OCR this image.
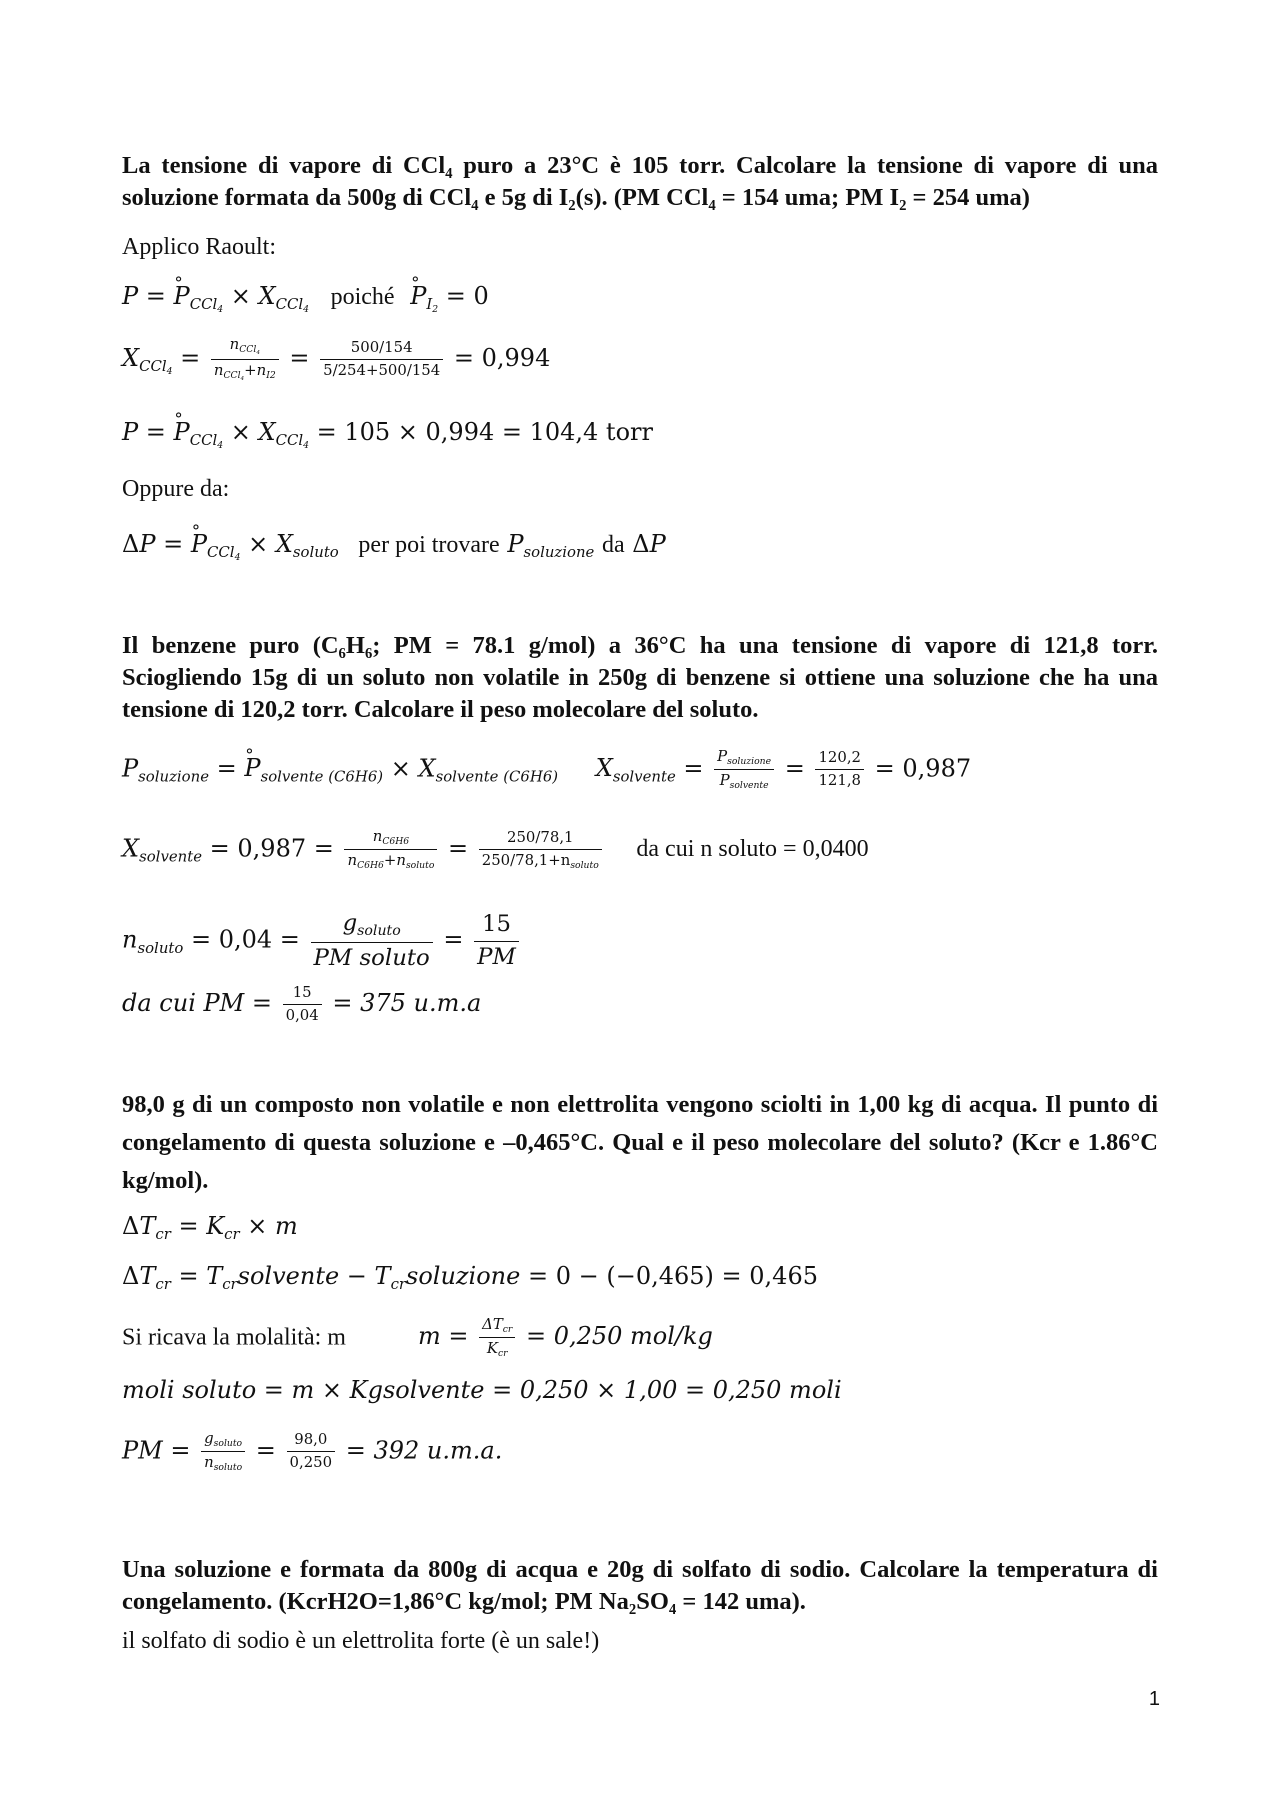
La tensione di vapore di CCl₄ puro a 23°C è 105 torr. Calcolare la tensione di vapore di una soluzione formata da 500g di CCl₄ e 5g di I₂(s). (PM CCl₄ = 154 uma; PM I₂ = 254 uma)
Applico Raoult:
P = ° $P_{CCl_4} \times X_{CCl_4}$ poiché ° $P_{I_2} = 0$
$X_{CCl_4} = \frac{n_{CCl_4}}{n_{CCl_4}+n_{I2}} = \frac{500/154}{5/254+500/154} = 0,994$
P = ° $P_{CCl_4} \times X_{CCl_4} = 105 \times 0,994 = 104,4$ torr
Oppure da:
ΔP = ° $P_{CCl_4} \times X_{soluto}$ per poi trovare $P_{soluzione}$ da ΔP
Il benzene puro (C₆H₆; PM = 78.1 g/mol) a 36°C ha una tensione di vapore di 121,8 torr. Sciogliendo 15g di un soluto non volatile in 250g di benzene si ottiene una soluzione che ha una tensione di 120,2 torr. Calcolare il peso molecolare del soluto.
$P_{soluzione}$ = ° $P_{solvente (C6H6)} \times X_{solvente (C6H6)}$ $X_{solvente} = \frac{P_{soluzione}}{P_{solvente}} = \frac{120,2}{121,8} = 0,987$
$X_{solvente} = 0,987 = \frac{n_{C6H6}}{n_{C6H6}+n_{soluto}} = \frac{250/78,1}{250/78,1+n_{soluto}}$ da cui n soluto = 0,0400
$n_{soluto} = 0,04 = \frac{g_{soluto}}{\text{PM soluto}} = \frac{15}{PM}$
da cui PM = $\frac{15}{0,04} = 375$ u.m.a
98,0 g di un composto non volatile e non elettrolita vengono sciolti in 1,00 kg di acqua. Il punto di congelamento di questa soluzione e –0,465°C. Qual e il peso molecolare del soluto? (Kcr e 1.86°C kg/mol).
$\Delta T_{cr} = K_{cr} \times m$
$\Delta T_{cr}$ = $T_{cr}solvente$ − $T_{cr}soluzione = 0 - (-0,465) = 0,465$
Si ricava la molalità: m	$m = \frac{\Delta T_{cr}}{K_{cr}} = 0,250$ mol/kg
moli soluto = m × Kgsolvente = 0,250 × 1,00 = 0,250 moli
PM = $\frac{g_{soluto}}{n_{soluto}} = \frac{98,0}{0,250} = 392$ u.m.a.
Una soluzione e formata da 800g di acqua e 20g di solfato di sodio. Calcolare la temperatura di congelamento. (KcrH2O=1,86°C kg/mol; PM Na₂SO₄ = 142 uma).
il solfato di sodio è un elettrolita forte (è un sale!)
1
